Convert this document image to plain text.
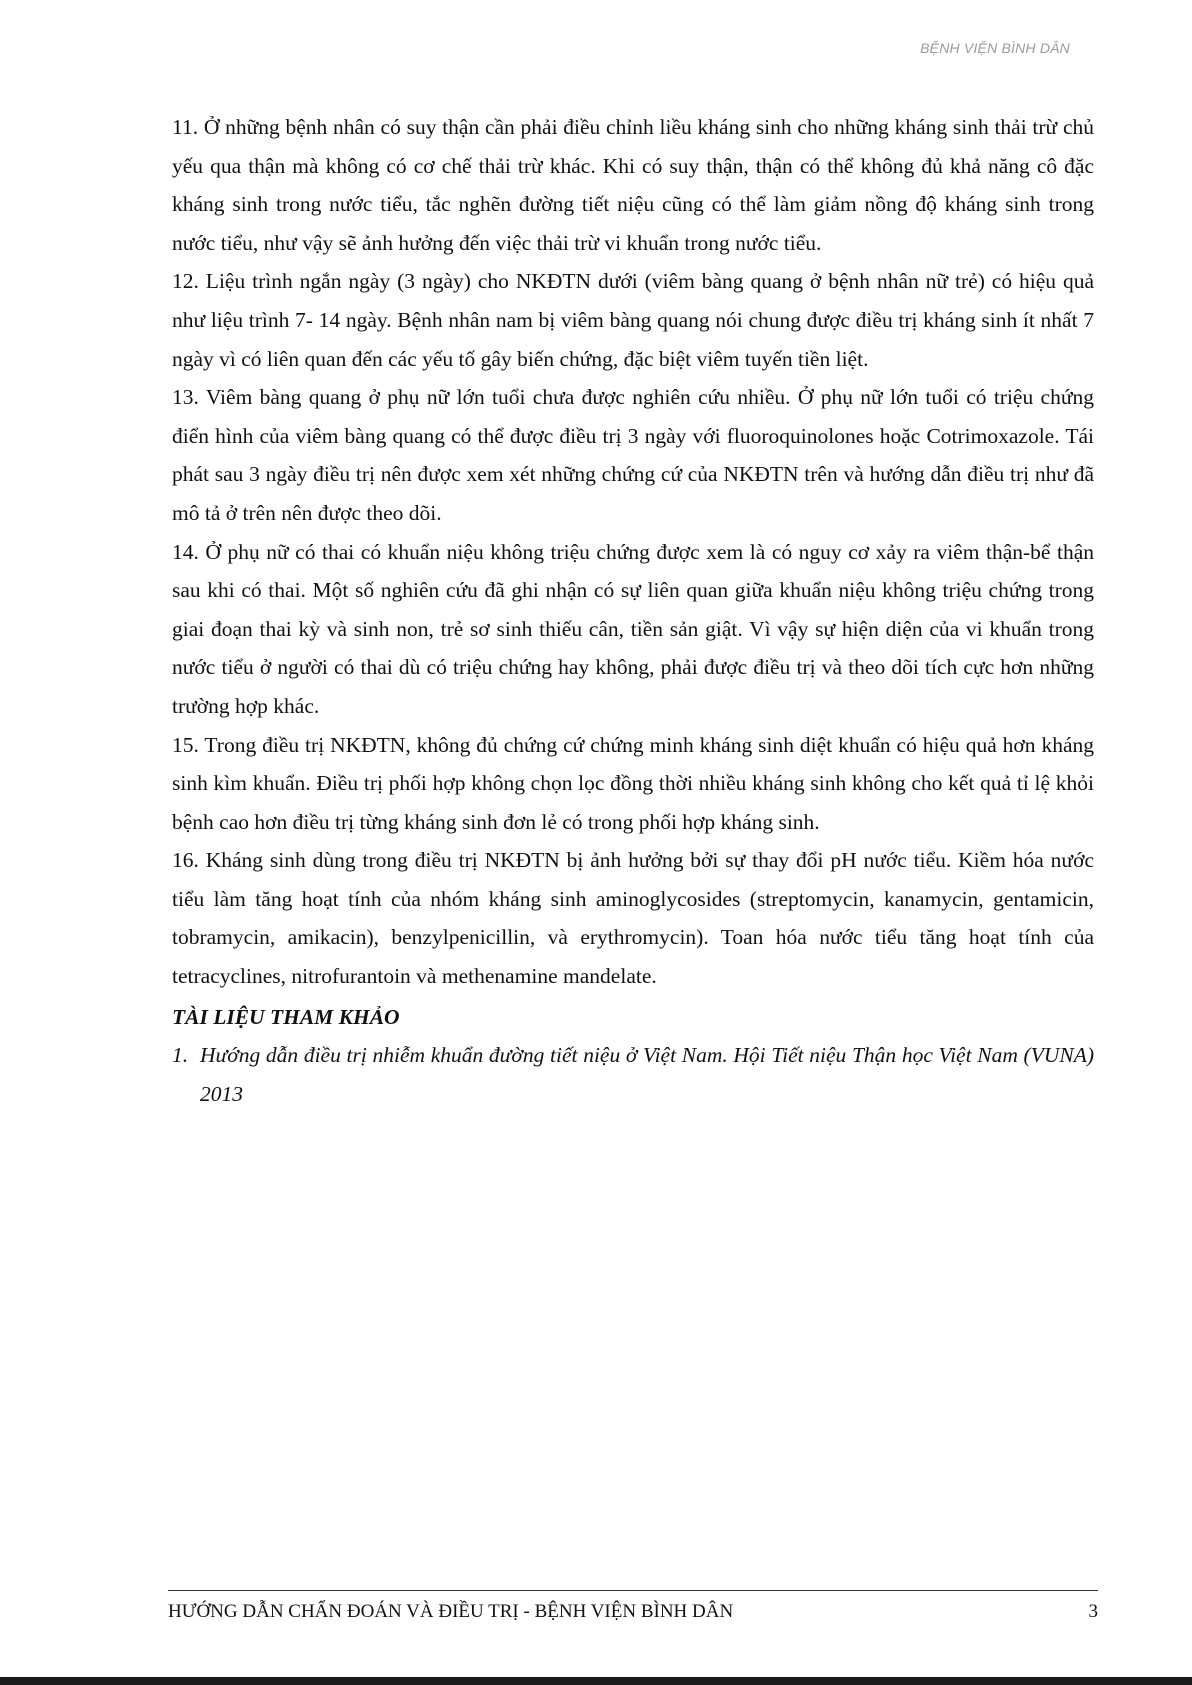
BỆNH VIỆN BÌNH DÂN

11. Ở những bệnh nhân có suy thận cần phải điều chỉnh liều kháng sinh cho những kháng sinh thải trừ chủ yếu qua thận mà không có cơ chế thải trừ khác. Khi có suy thận, thận có thể không đủ khả năng cô đặc kháng sinh trong nước tiểu, tắc nghẽn đường tiết niệu cũng có thể làm giảm nồng độ kháng sinh trong nước tiểu, như vậy sẽ ảnh hưởng đến việc thải trừ vi khuẩn trong nước tiểu.

12. Liệu trình ngắn ngày (3 ngày) cho NKĐTN dưới (viêm bàng quang ở bệnh nhân nữ trẻ) có hiệu quả như liệu trình 7- 14 ngày. Bệnh nhân nam bị viêm bàng quang nói chung được điều trị kháng sinh ít nhất 7 ngày vì có liên quan đến các yếu tố gây biến chứng, đặc biệt viêm tuyến tiền liệt.

13. Viêm bàng quang ở phụ nữ lớn tuổi chưa được nghiên cứu nhiều. Ở phụ nữ lớn tuổi có triệu chứng điển hình của viêm bàng quang có thể được điều trị 3 ngày với fluoroquinolones hoặc Cotrimoxazole. Tái phát sau 3 ngày điều trị nên được xem xét những chứng cứ của NKĐTN trên và hướng dẫn điều trị như đã mô tả ở trên nên được theo dõi.

14. Ở phụ nữ có thai có khuẩn niệu không triệu chứng được xem là có nguy cơ xảy ra viêm thận-bể thận sau khi có thai. Một số nghiên cứu đã ghi nhận có sự liên quan giữa khuẩn niệu không triệu chứng trong giai đoạn thai kỳ và sinh non, trẻ sơ sinh thiếu cân, tiền sản giật. Vì vậy sự hiện diện của vi khuẩn trong nước tiểu ở người có thai dù có triệu chứng hay không, phải được điều trị và theo dõi tích cực hơn những trường hợp khác.

15. Trong điều trị NKĐTN, không đủ chứng cứ chứng minh kháng sinh diệt khuẩn có hiệu quả hơn kháng sinh kìm khuẩn. Điều trị phối hợp không chọn lọc đồng thời nhiều kháng sinh không cho kết quả tỉ lệ khỏi bệnh cao hơn điều trị từng kháng sinh đơn lẻ có trong phối hợp kháng sinh.

16. Kháng sinh dùng trong điều trị NKĐTN bị ảnh hưởng bởi sự thay đổi pH nước tiểu. Kiềm hóa nước tiểu làm tăng hoạt tính của nhóm kháng sinh aminoglycosides (streptomycin, kanamycin, gentamicin, tobramycin, amikacin), benzylpenicillin, và erythromycin). Toan hóa nước tiểu tăng hoạt tính của tetracyclines, nitrofurantoin và methenamine mandelate.

TÀI LIỆU THAM KHẢO
1. Hướng dẫn điều trị nhiễm khuẩn đường tiết niệu ở Việt Nam. Hội Tiết niệu Thận học Việt Nam (VUNA) 2013
HƯỚNG DẪN CHẨN ĐOÁN VÀ ĐIỀU TRỊ - BỆNH VIỆN BÌNH DÂN	3
